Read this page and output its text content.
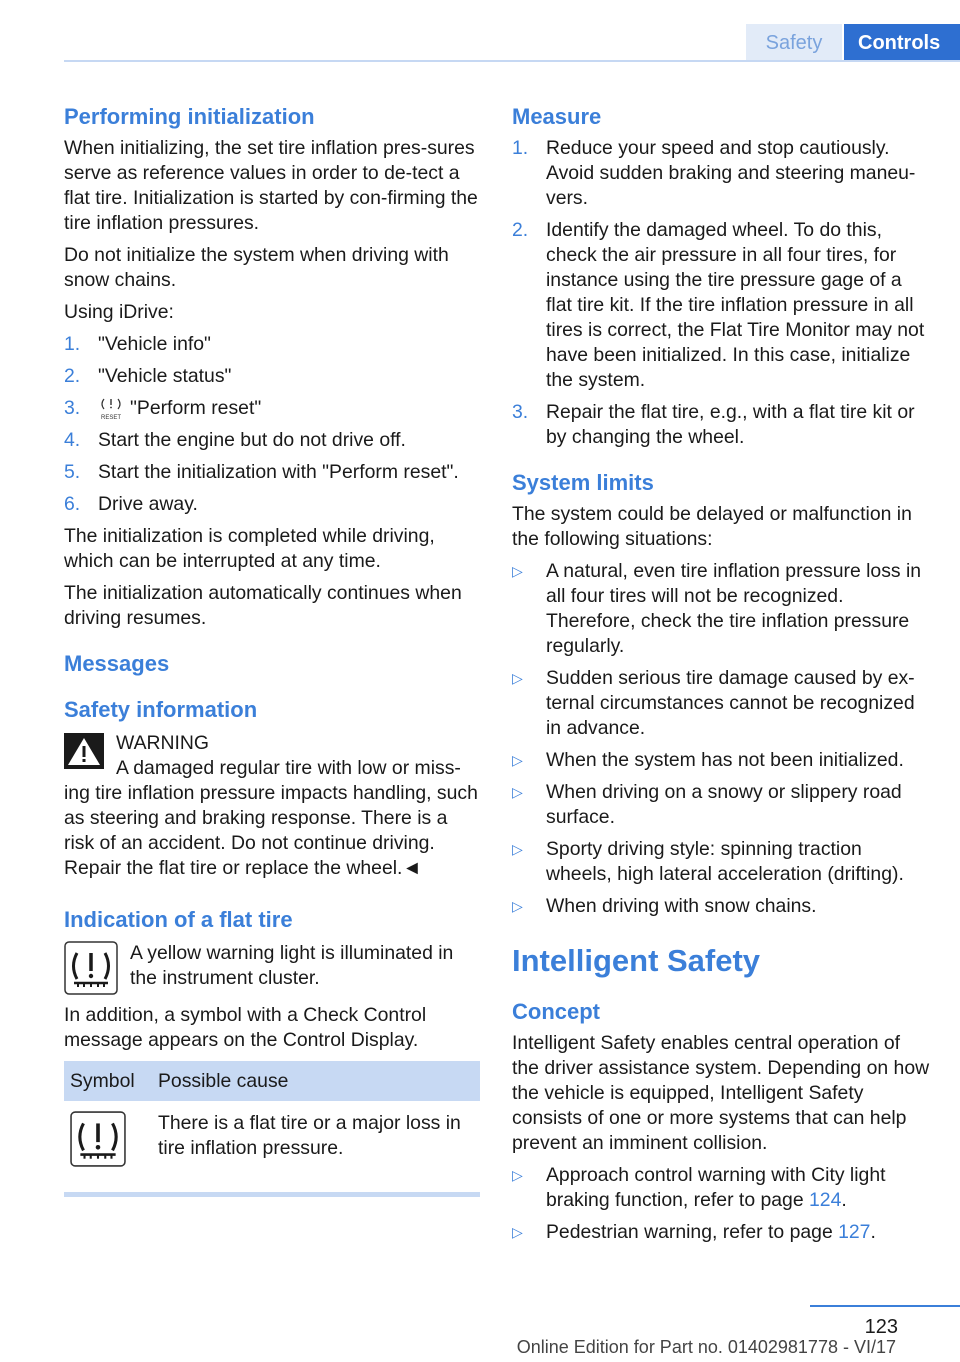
Safety	Controls
Performing initialization

When initializing, the set tire inflation pres-sures serve as reference values in order to de-tect a flat tire. Initialization is started by con-firming the tire inflation pressures.

Do not initialize the system when driving with snow chains.

Using iDrive:

1. "Vehicle info"
2. "Vehicle status"
3.	RESET "Perform reset"
4. Start the engine but do not drive off.
5. Start the initialization with "Perform reset".
6. Drive away.

The initialization is completed while driving, which can be interrupted at any time.

The initialization automatically continues when driving resumes.

Messages
Safety information
WARNING

A damaged regular tire with low or miss-ing tire inflation pressure impacts handling, such as steering and braking response. There is a risk of an accident. Do not continue driving. Repair the flat tire or replace the wheel.◄

Indication of a flat tire

A yellow warning light is illuminated in the instrument cluster.

In addition, a symbol with a Check Control message appears on the Control Display.

Symbol	Possible cause
	There is a flat tire or a major loss in tire inflation pressure.
Measure
1. Reduce your speed and stop cautiously. Avoid sudden braking and steering maneu-vers.
2. Identify the damaged wheel. To do this, check the air pressure in all four tires, for instance using the tire pressure gage of a flat tire kit. If the tire inflation pressure in all tires is correct, the Flat Tire Monitor may not have been initialized. In this case, initialize the system.
3. Repair the flat tire, e.g., with a flat tire kit or by changing the wheel.
System limits

The system could be delayed or malfunction in the following situations:

▷	A natural, even tire inflation pressure loss in all four tires will not be recognized. Therefore, check the tire inflation pressure regularly.
▷	Sudden serious tire damage caused by ex-ternal circumstances cannot be recognized in advance.
▷	When the system has not been initialized.
▷	When driving on a snowy or slippery road surface.
▷	Sporty driving style: spinning traction wheels, high lateral acceleration (drifting).
▷	When driving with snow chains.
Intelligent Safety
Concept

Intelligent Safety enables central operation of the driver assistance system. Depending on how the vehicle is equipped, Intelligent Safety consists of one or more systems that can help prevent an imminent collision.

▷	Approach control warning with City light braking function, refer to page 124.
▷	Pedestrian warning, refer to page 127.
123
Online Edition for Part no. 01402981778 - VI/17
